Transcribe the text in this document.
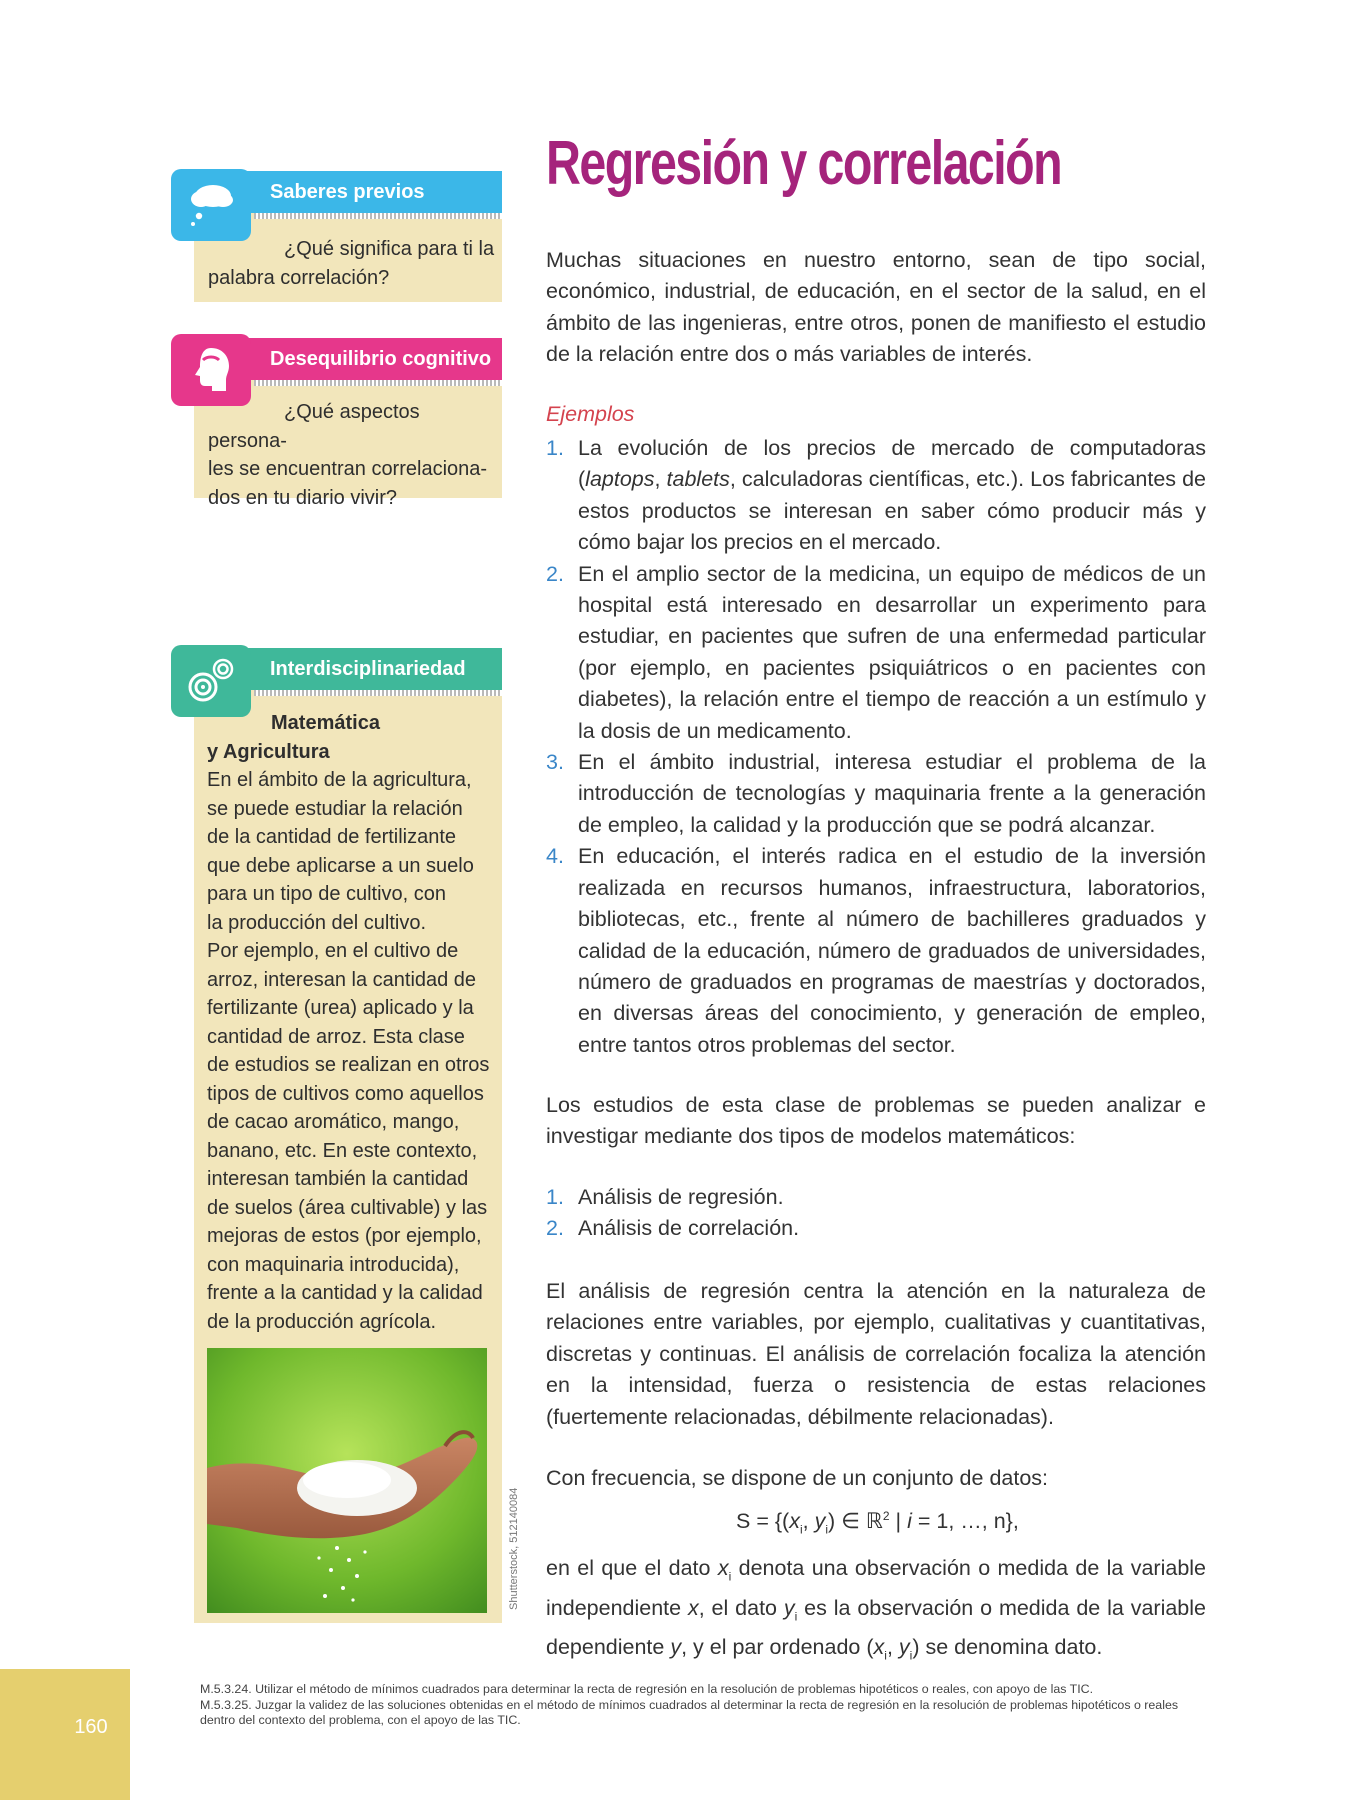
Saberes previos
¿Qué significa para ti la
palabra correlación?
Desequilibrio cognitivo
¿Qué aspectos persona-
les se encuentran correlaciona-
dos en tu diario vivir?
Interdisciplinariedad
Matemática
y Agricultura
En el ámbito de la agricultura,
se puede estudiar la relación
de la cantidad de fertilizante
que debe aplicarse a un suelo
para un tipo de cultivo, con
la producción del cultivo.
Por ejemplo, en el cultivo de
arroz, interesan la cantidad de
fertilizante (urea) aplicado y la
cantidad de arroz. Esta clase
de estudios se realizan en otros
tipos de cultivos como aquellos
de cacao aromático, mango,
banano, etc. En este contexto,
interesan también la cantidad
de suelos (área cultivable) y las
mejoras de estos (por ejemplo,
con maquinaria introducida),
frente a la cantidad y la calidad
de la producción agrícola.
Shutterstock, 512140084
Regresión y correlación
Muchas situaciones en nuestro entorno, sean de tipo social, económico, industrial, de educación, en el sector de la salud, en el ámbito de las ingenieras, entre otros, ponen de manifiesto el estudio de la relación entre dos o más variables de interés.
Ejemplos
1. La evolución de los precios de mercado de computadoras (laptops, tablets, calculadoras científicas, etc.). Los fabricantes de estos productos se interesan en saber cómo producir más y cómo bajar los precios en el mercado.
2. En el amplio sector de la medicina, un equipo de médicos de un hospital está interesado en desarrollar un experimento para estudiar, en pacientes que sufren de una enfermedad particular (por ejemplo, en pacientes psiquiátricos o en pacientes con diabetes), la relación entre el tiempo de reacción a un estímulo y la dosis de un medicamento.
3. En el ámbito industrial, interesa estudiar el problema de la introducción de tecnologías y maquinaria frente a la generación de empleo, la calidad y la producción que se podrá alcanzar.
4. En educación, el interés radica en el estudio de la inversión realizada en recursos humanos, infraestructura, laboratorios, bibliotecas, etc., frente al número de bachilleres graduados y calidad de la educación, número de graduados de universidades, número de graduados en programas de maestrías y doctorados, en diversas áreas del conocimiento, y generación de empleo, entre tantos otros problemas del sector.
Los estudios de esta clase de problemas se pueden analizar e investigar mediante dos tipos de modelos matemáticos:
1. Análisis de regresión.
2. Análisis de correlación.
El análisis de regresión centra la atención en la naturaleza de relaciones entre variables, por ejemplo, cualitativas y cuantitativas, discretas y continuas. El análisis de correlación focaliza la atención en la intensidad, fuerza o resistencia de estas relaciones (fuertemente relacionadas, débilmente relacionadas).
Con frecuencia, se dispone de un conjunto de datos:
$S = \{(x_i$, $y_i$) ∈ ℝ$^2$ | i = 1, …, n},
en el que el dato $x_i$ denota una observación o medida de la variable independiente x, el dato $y_i$ es la observación o medida de la variable dependiente y, y el par ordenado ($x_i$, $y_i$) se denomina dato.
160
M.5.3.24. Utilizar el método de mínimos cuadrados para determinar la recta de regresión en la resolución de problemas hipotéticos o reales, con apoyo de las TIC.
M.5.3.25. Juzgar la validez de las soluciones obtenidas en el método de mínimos cuadrados al determinar la recta de regresión en la resolución de problemas hipotéticos o reales dentro del contexto del problema, con el apoyo de las TIC.
